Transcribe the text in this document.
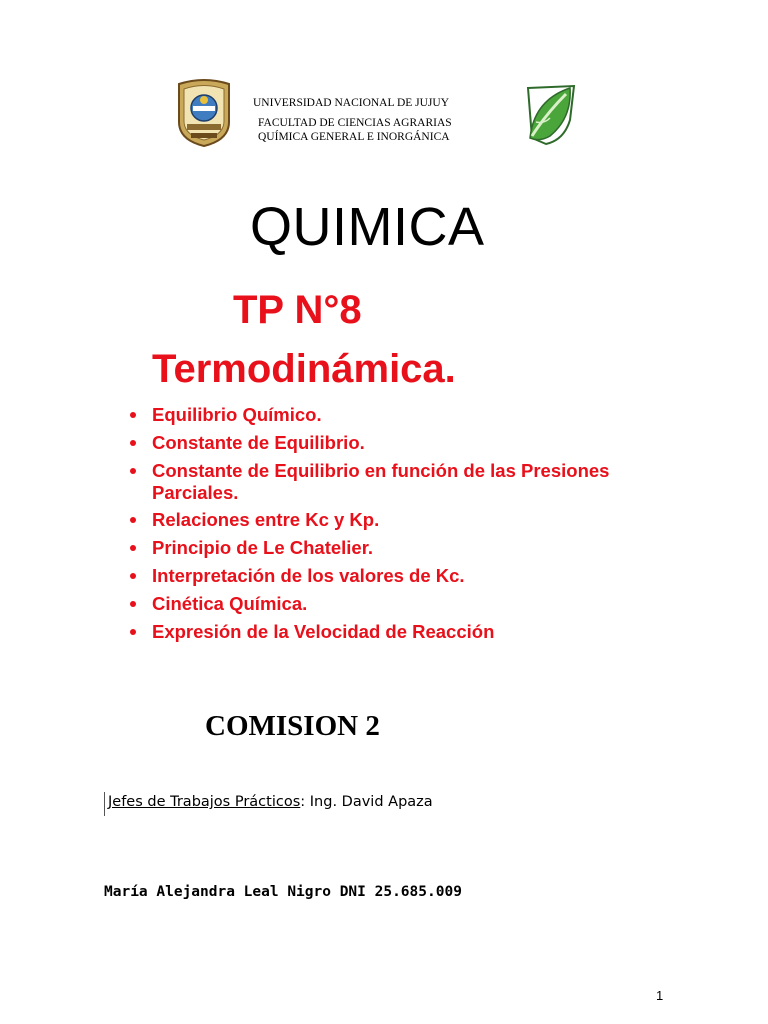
UNIVERSIDAD NACIONAL DE JUJUY
FACULTAD DE CIENCIAS AGRARIAS
QUÍMICA GENERAL E INORGÁNICA
QUIMICA
TP N°8
Termodinámica.
Equilibrio Químico.
Constante de Equilibrio.
Constante de Equilibrio en función de las Presiones Parciales.
Relaciones entre Kc y Kp.
Principio de Le Chatelier.
Interpretación de los valores de Kc.
Cinética Química.
Expresión de la Velocidad de Reacción
COMISION 2
Jefes de Trabajos Prácticos: Ing. David Apaza
María Alejandra Leal Nigro DNI 25.685.009
1
